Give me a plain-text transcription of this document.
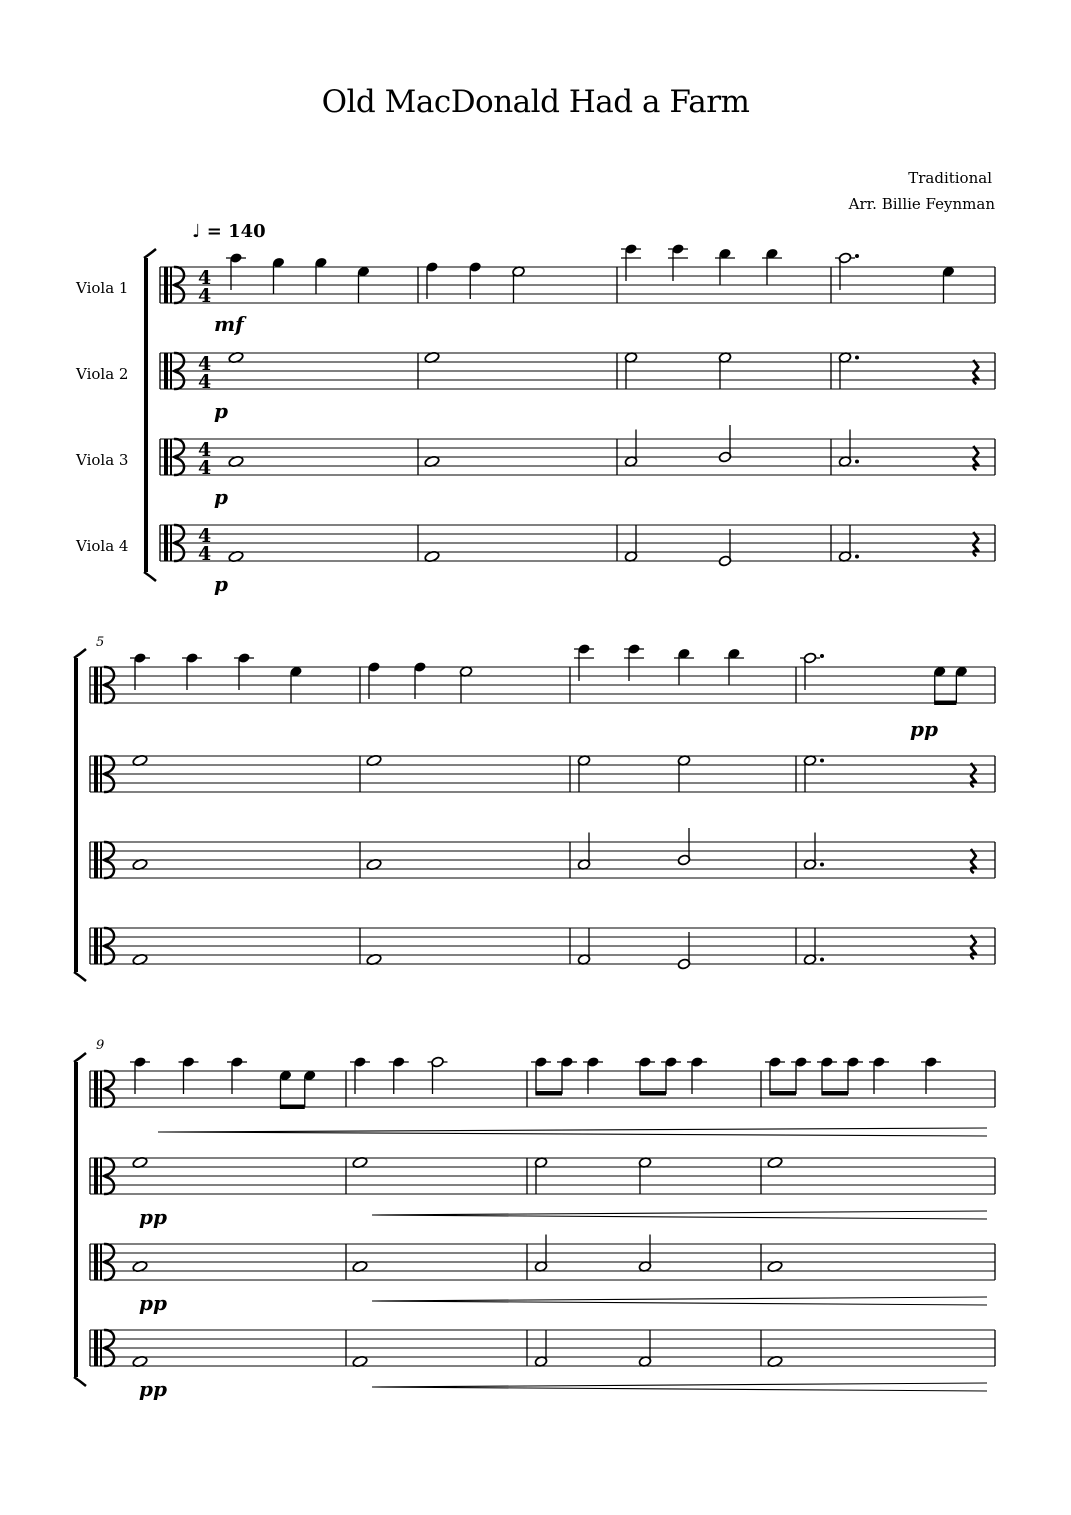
Old MacDonald Had a Farm
Traditional
Arr. Billie Feynman
♩ = 140
Viola 1
Viola 2
Viola 3
Viola 4
4
4
4
4
4
4
4
4
5
9
mf
p
p
p
pp
pp
pp
pp
